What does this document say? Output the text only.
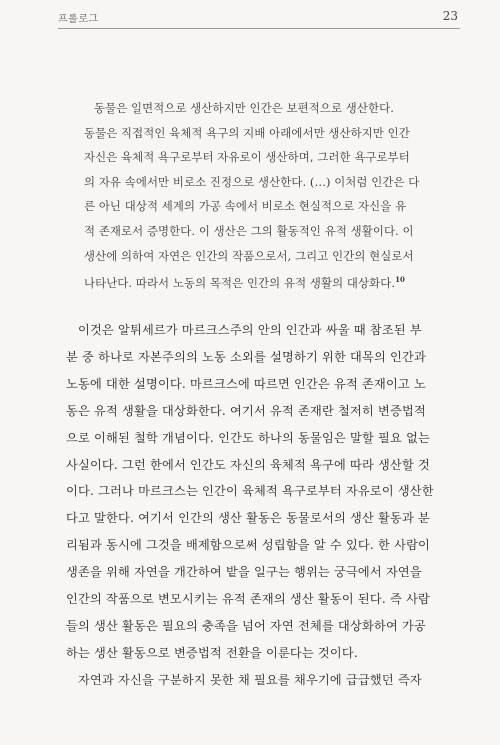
프롤로그	23
동물은 일면적으로 생산하지만 인간은 보편적으로 생산한다.
동물은 직접적인 육체적 욕구의 지배 아래에서만 생산하지만 인간
자신은 육체적 욕구로부터 자유로이 생산하며, 그러한 욕구로부터
의 자유 속에서만 비로소 진정으로 생산한다. (…) 이처럼 인간은 다
른 아닌 대상적 세계의 가공 속에서 비로소 현실적으로 자신을 유
적 존재로서 증명한다. 이 생산은 그의 활동적인 유적 생활이다. 이
생산에 의하여 자연은 인간의 작품으로서, 그리고 인간의 현실로서
나타난다. 따라서 노동의 목적은 인간의 유적 생활의 대상화다.$^{10}$
이것은 알튀세르가 마르크스주의 안의 인간과 싸울 때 참조된 부
분 중 하나로 자본주의의 노동 소외를 설명하기 위한 대목의 인간과
노동에 대한 설명이다. 마르크스에 따르면 인간은 유적 존재이고 노
동은 유적 생활을 대상화한다. 여기서 유적 존재란 철저히 변증법적
으로 이해된 철학 개념이다. 인간도 하나의 동물임은 말할 필요 없는
사실이다. 그런 한에서 인간도 자신의 육체적 욕구에 따라 생산할 것
이다. 그러나 마르크스는 인간이 육체적 욕구로부터 자유로이 생산한
다고 말한다. 여기서 인간의 생산 활동은 동물로서의 생산 활동과 분
리됨과 동시에 그것을 배제함으로써 성립함을 알 수 있다. 한 사람이
생존을 위해 자연을 개간하여 밭을 일구는 행위는 궁극에서 자연을
인간의 작품으로 변모시키는 유적 존재의 생산 활동이 된다. 즉 사람
들의 생산 활동은 필요의 충족을 넘어 자연 전체를 대상화하여 가공
하는 생산 활동으로 변증법적 전환을 이룬다는 것이다.
자연과 자신을 구분하지 못한 채 필요를 채우기에 급급했던 즉자
